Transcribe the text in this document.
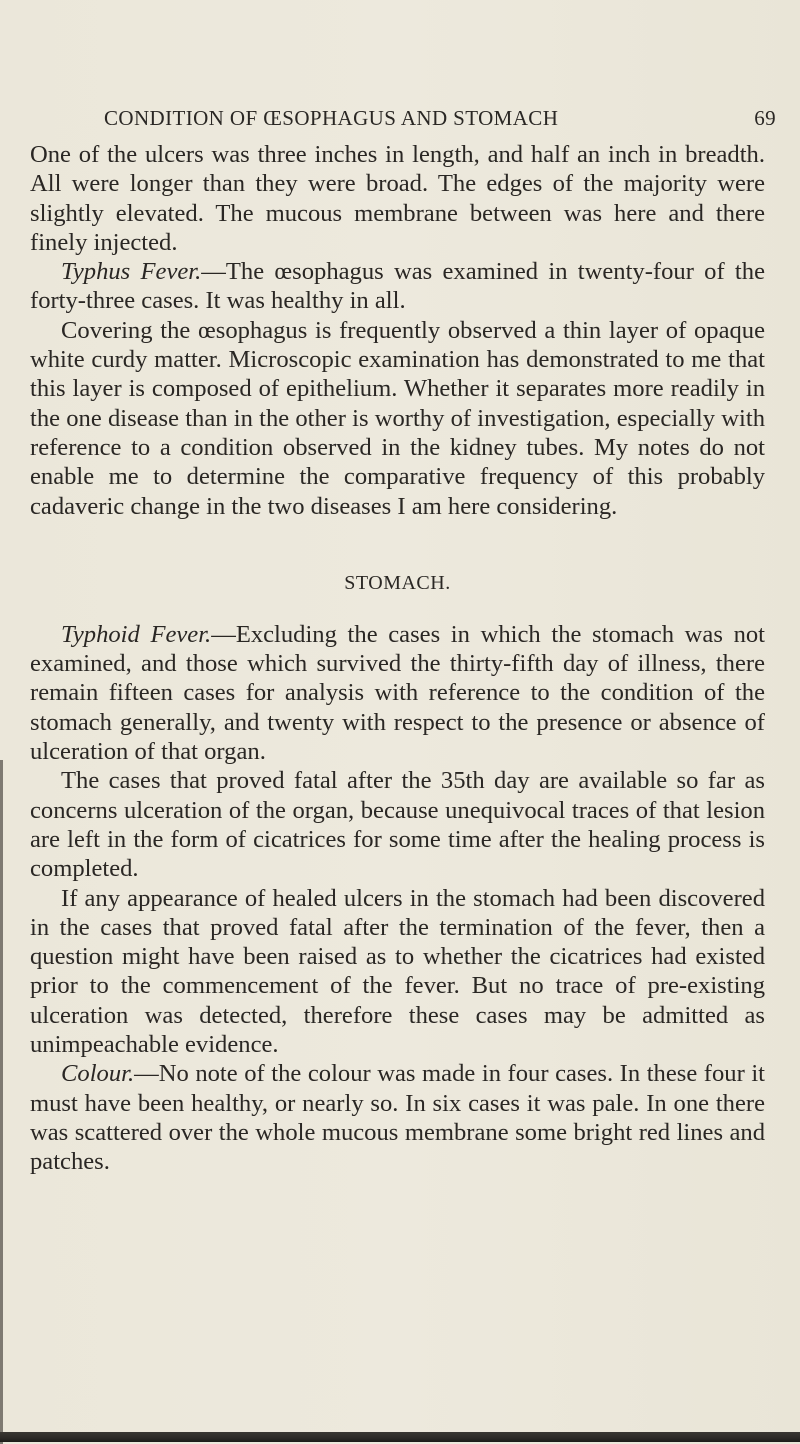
CONDITION OF ŒSOPHAGUS AND STOMACH	69

One of the ulcers was three inches in length, and half an inch in breadth. All were longer than they were broad. The edges of the majority were slightly elevated. The mucous membrane between was here and there finely injected.

Typhus Fever.—The œsophagus was examined in twenty-four of the forty-three cases. It was healthy in all.

Covering the œsophagus is frequently observed a thin layer of opaque white curdy matter. Microscopic examination has demonstrated to me that this layer is composed of epithelium. Whether it separates more readily in the one disease than in the other is worthy of investigation, especially with reference to a condition observed in the kidney tubes. My notes do not enable me to determine the comparative frequency of this probably cadaveric change in the two diseases I am here considering.

STOMACH.

Typhoid Fever.—Excluding the cases in which the stomach was not examined, and those which survived the thirty-fifth day of illness, there remain fifteen cases for analysis with reference to the condition of the stomach generally, and twenty with respect to the presence or absence of ulceration of that organ.

The cases that proved fatal after the 35th day are available so far as concerns ulceration of the organ, because unequivocal traces of that lesion are left in the form of cicatrices for some time after the healing process is completed.

If any appearance of healed ulcers in the stomach had been discovered in the cases that proved fatal after the termination of the fever, then a question might have been raised as to whether the cicatrices had existed prior to the commencement of the fever. But no trace of pre-existing ulceration was detected, therefore these cases may be admitted as unimpeachable evidence.

Colour.—No note of the colour was made in four cases. In these four it must have been healthy, or nearly so. In six cases it was pale. In one there was scattered over the whole mucous membrane some bright red lines and patches.
